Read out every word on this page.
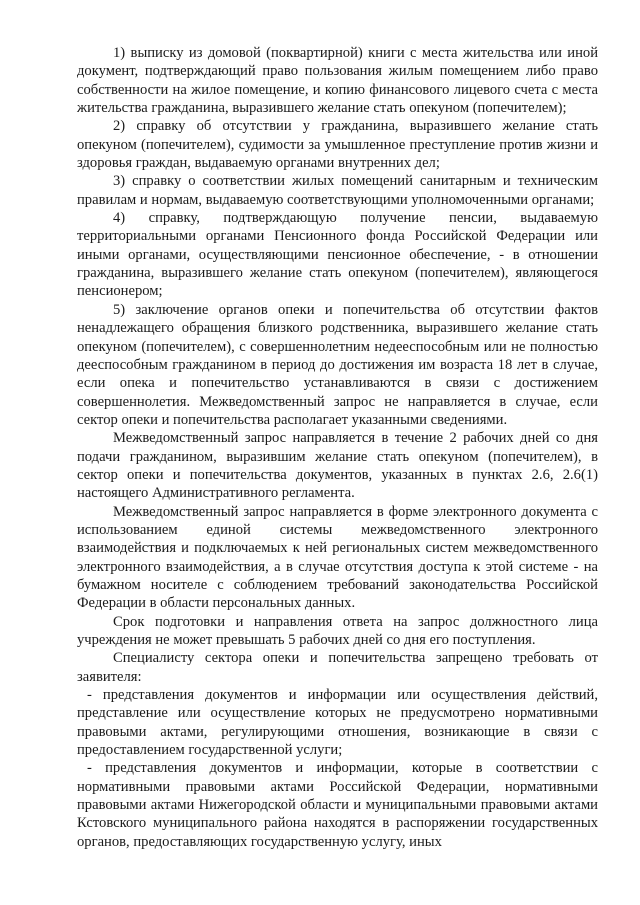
1) выписку из домовой (поквартирной) книги с места жительства или иной документ, подтверждающий право пользования жилым помещением либо право собственности на жилое помещение, и копию финансового лицевого счета с места жительства гражданина, выразившего желание стать опекуном (попечителем);

2) справку об отсутствии у гражданина, выразившего желание стать опекуном (попечителем), судимости за умышленное преступление против жизни и здоровья граждан, выдаваемую органами внутренних дел;

3) справку о соответствии жилых помещений санитарным и техническим правилам и нормам, выдаваемую соответствующими уполномоченными органами;

4) справку, подтверждающую получение пенсии, выдаваемую территориальными органами Пенсионного фонда Российской Федерации или иными органами, осуществляющими пенсионное обеспечение, - в отношении гражданина, выразившего желание стать опекуном (попечителем), являющегося пенсионером;

5) заключение органов опеки и попечительства об отсутствии фактов ненадлежащего обращения близкого родственника, выразившего желание стать опекуном (попечителем), с совершеннолетним недееспособным или не полностью дееспособным гражданином в период до достижения им возраста 18 лет в случае, если опека и попечительство устанавливаются в связи с достижением совершеннолетия. Межведомственный запрос не направляется в случае, если сектор опеки и попечительства располагает указанными сведениями.

Межведомственный запрос направляется в течение 2 рабочих дней со дня подачи гражданином, выразившим желание стать опекуном (попечителем), в сектор опеки и попечительства документов, указанных в пунктах 2.6, 2.6(1) настоящего Административного регламента.

Межведомственный запрос направляется в форме электронного документа с использованием единой системы межведомственного электронного взаимодействия и подключаемых к ней региональных систем межведомственного электронного взаимодействия, а в случае отсутствия доступа к этой системе - на бумажном носителе с соблюдением требований законодательства Российской Федерации в области персональных данных.

Срок подготовки и направления ответа на запрос должностного лица учреждения не может превышать 5 рабочих дней со дня его поступления.

Специалисту сектора опеки и попечительства запрещено требовать от заявителя:

- представления документов и информации или осуществления действий, представление или осуществление которых не предусмотрено нормативными правовыми актами, регулирующими отношения, возникающие в связи с предоставлением государственной услуги;

- представления документов и информации, которые в соответствии с нормативными правовыми актами Российской Федерации, нормативными правовыми актами Нижегородской области и муниципальными правовыми актами Кстовского муниципального района находятся в распоряжении государственных органов, предоставляющих государственную услугу, иных
